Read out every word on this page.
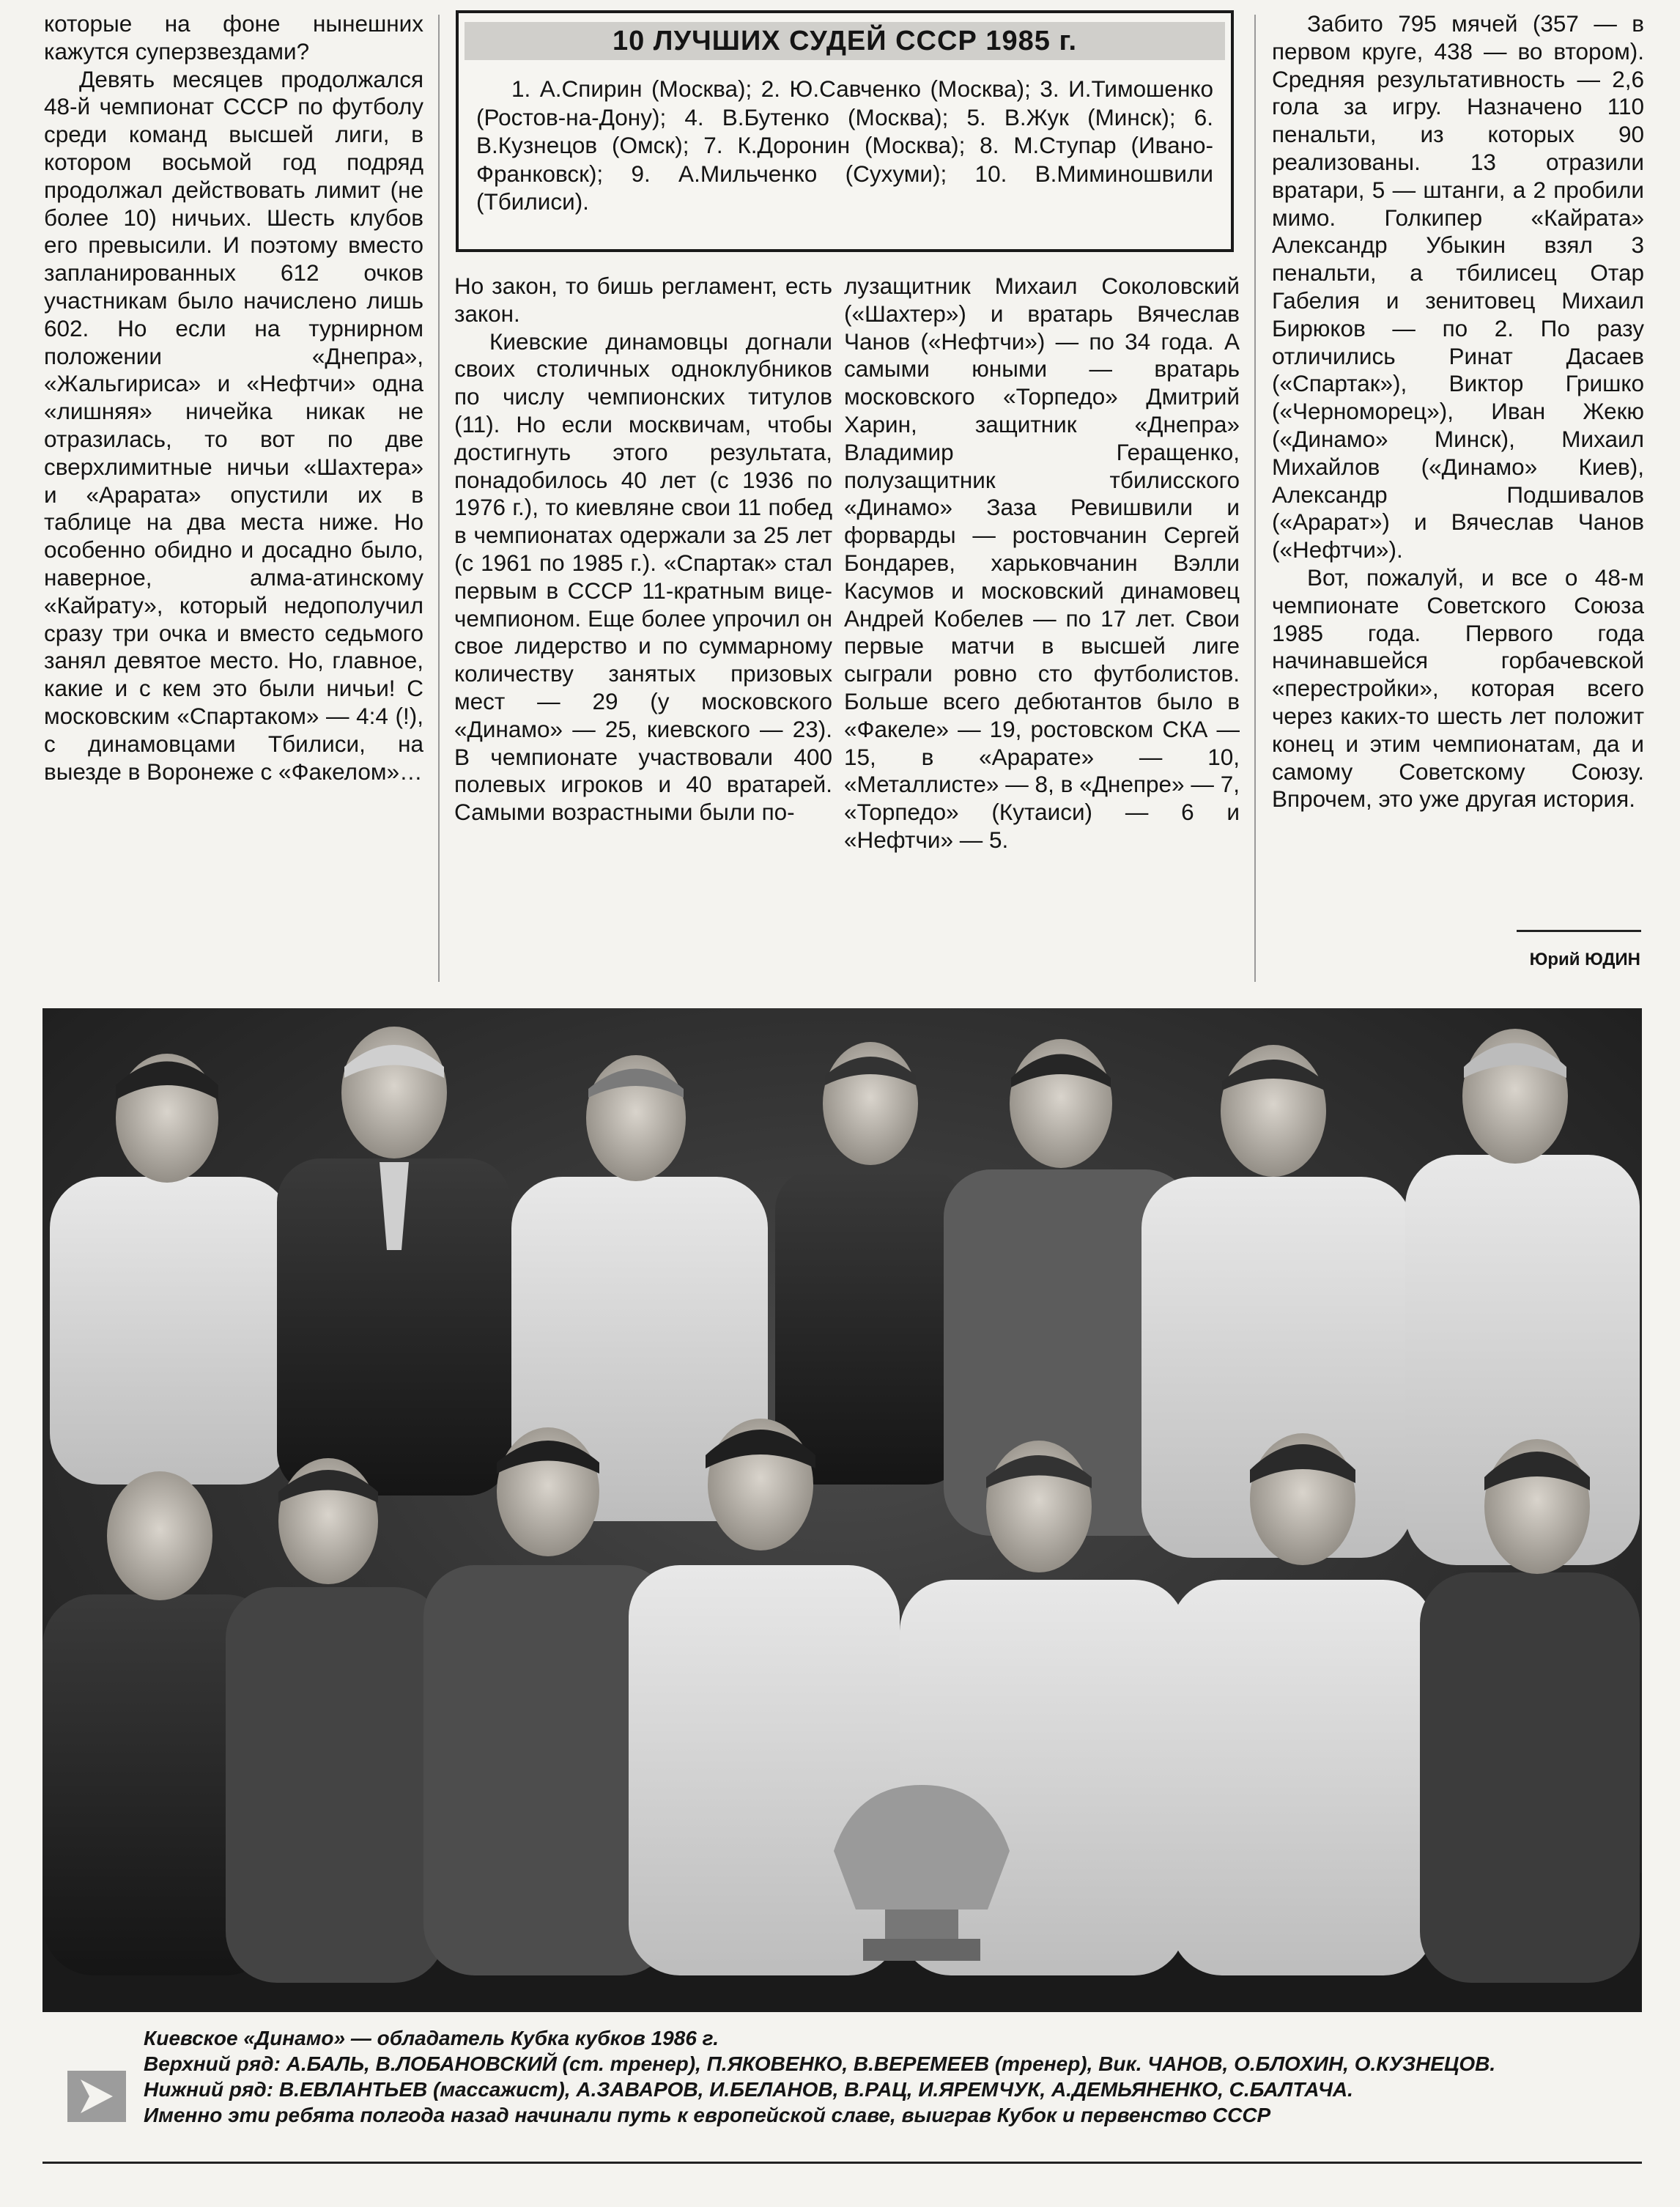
которые на фоне нынешних кажутся суперзвездами?

Девять месяцев продолжался 48-й чемпионат СССР по футболу среди команд высшей лиги, в котором восьмой год подряд продолжал действовать лимит (не более 10) ничьих. Шесть клубов его превысили. И поэтому вместо запланированных 612 очков участникам было начислено лишь 602. Но если на турнирном положении «Днепра», «Жальгириса» и «Нефтчи» одна «лишняя» ничейка никак не отразилась, то вот по две сверхлимитные ничьи «Шахтера» и «Арарата» опустили их в таблице на два места ниже. Но особенно обидно и досадно было, наверное, алма-атинскому «Кайрату», который недополучил сразу три очка и вместо седьмого занял девятое место. Но, главное, какие и с кем это были ничьи! С московским «Спартаком» — 4:4 (!), с динамовцами Тбилиси, на выезде в Воронеже с «Факелом»…

10 ЛУЧШИХ СУДЕЙ СССР 1985 г.
1. А.Спирин (Москва); 2. Ю.Савченко (Москва); 3. И.Тимошенко (Ростов-на-Дону); 4. В.Бутенко (Москва); 5. В.Жук (Минск); 6. В.Кузнецов (Омск); 7. К.Доронин (Москва); 8. М.Ступар (Ивано-Франковск); 9. А.Мильченко (Сухуми); 10. В.Миминошвили (Тбилиси).

Но закон, то бишь регламент, есть закон.

Киевские динамовцы догнали своих столичных одноклубников по числу чемпионских титулов (11). Но если москвичам, чтобы достигнуть этого результата, понадобилось 40 лет (с 1936 по 1976 г.), то киевляне свои 11 побед в чемпионатах одержали за 25 лет (с 1961 по 1985 г.). «Спартак» стал первым в СССР 11-кратным вице-чемпионом. Еще более упрочил он свое лидерство и по суммарному количеству занятых призовых мест — 29 (у московского «Динамо» — 25, киевского — 23). В чемпионате участвовали 400 полевых игроков и 40 вратарей. Самыми возрастными были по-

лузащитник Михаил Соколовский («Шахтер») и вратарь Вячеслав Чанов («Нефтчи») — по 34 года. А самыми юными — вратарь московского «Торпедо» Дмитрий Харин, защитник «Днепра» Владимир Геращенко, полузащитник тбилисского «Динамо» Заза Ревишвили и форварды — ростовчанин Сергей Бондарев, харьковчанин Вэлли Касумов и московский динамовец Андрей Кобелев — по 17 лет. Свои первые матчи в высшей лиге сыграли ровно сто футболистов. Больше всего дебютантов было в «Факеле» — 19, ростовском СКА — 15, в «Арарате» — 10, «Металлисте» — 8, в «Днепре» — 7, «Торпедо» (Кутаиси) — 6 и «Нефтчи» — 5.

Забито 795 мячей (357 — в первом круге, 438 — во втором). Средняя результативность — 2,6 гола за игру. Назначено 110 пенальти, из которых 90 реализованы. 13 отразили вратари, 5 — штанги, а 2 пробили мимо. Голкипер «Кайрата» Александр Убыкин взял 3 пенальти, а тбилисец Отар Габелия и зенитовец Михаил Бирюков — по 2. По разу отличились Ринат Дасаев («Спартак»), Виктор Гришко («Черноморец»), Иван Жекю («Динамо» Минск), Михаил Михайлов («Динамо» Киев), Александр Подшивалов («Арарат») и Вячеслав Чанов («Нефтчи»).

Вот, пожалуй, и все о 48-м чемпионате Советского Союза 1985 года. Первого года начинавшейся горбачевской «перестройки», которая всего через каких-то шесть лет положит конец и этим чемпионатам, да и самому Советскому Союзу. Впрочем, это уже другая история.

Юрий ЮДИН
Киевское «Динамо» — обладатель Кубка кубков 1986 г.
Верхний ряд: А.БАЛЬ, В.ЛОБАНОВСКИЙ (ст. тренер), П.ЯКОВЕНКО, В.ВЕРЕМЕЕВ (тренер), Вик. ЧАНОВ, О.БЛОХИН, О.КУЗНЕЦОВ.
Нижний ряд: В.ЕВЛАНТЬЕВ (массажист), А.ЗАВАРОВ, И.БЕЛАНОВ, В.РАЦ, И.ЯРЕМЧУК, А.ДЕМЬЯНЕНКО, С.БАЛТАЧА.
Именно эти ребята полгода назад начинали путь к европейской славе, выиграв Кубок и первенство СССР
